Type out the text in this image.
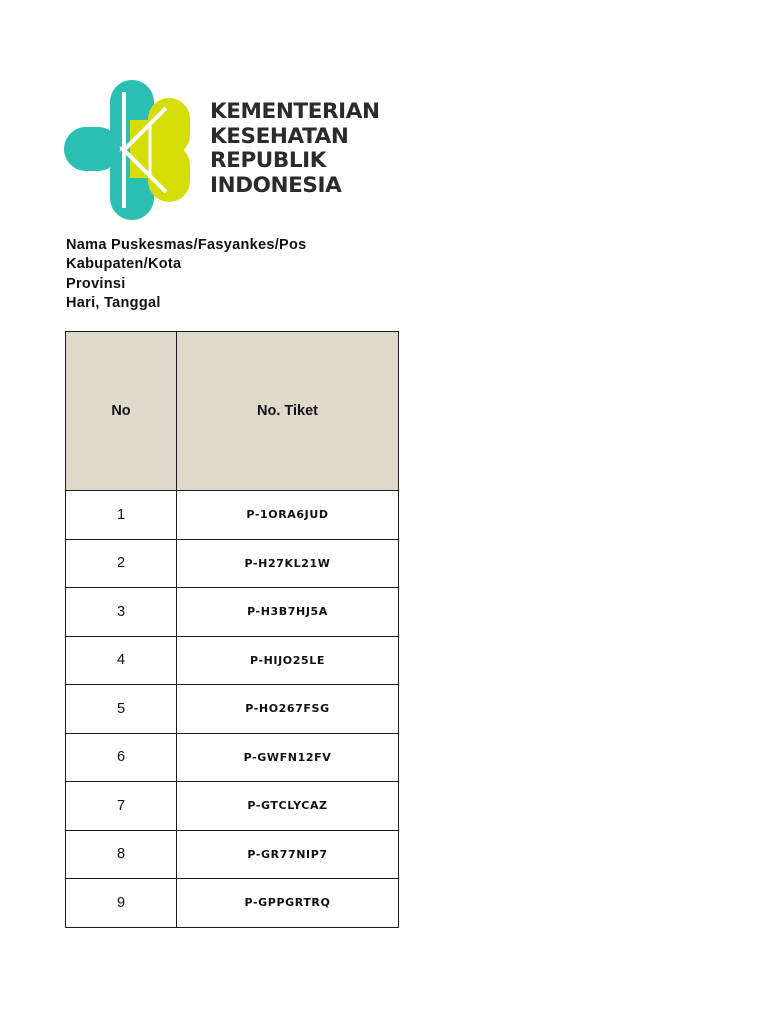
KEMENTERIAN
KESEHATAN
REPUBLIK
INDONESIA
Nama Puskesmas/Fasyankes/Pos
Kabupaten/Kota
Provinsi
Hari, Tanggal
No	No. Tiket
1	P-1ORA6JUD
2	P-H27KL21W
3	P-H3B7HJ5A
4	P-HIJO25LE
5	P-HO267FSG
6	P-GWFN12FV
7	P-GTCLYCAZ
8	P-GR77NIP7
9	P-GPPGRTRQ
